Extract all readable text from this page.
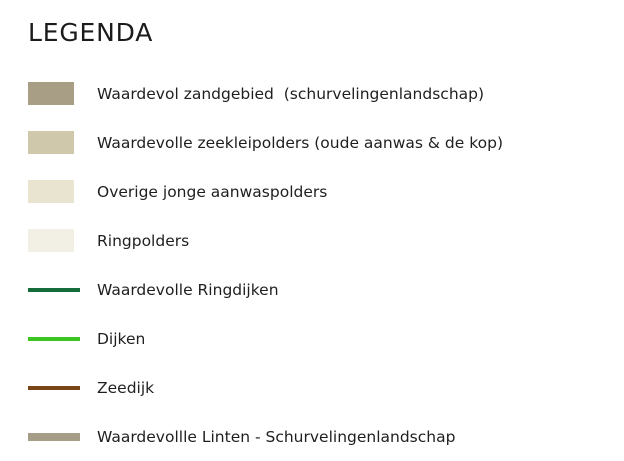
LEGENDA
Waardevol zandgebied  (schurvelingenlandschap)
Waardevolle zeekleipolders (oude aanwas & de kop)
Overige jonge aanwaspolders
Ringpolders
Waardevolle Ringdijken
Dijken
Zeedijk
Waardevollle Linten - Schurvelingenlandschap
